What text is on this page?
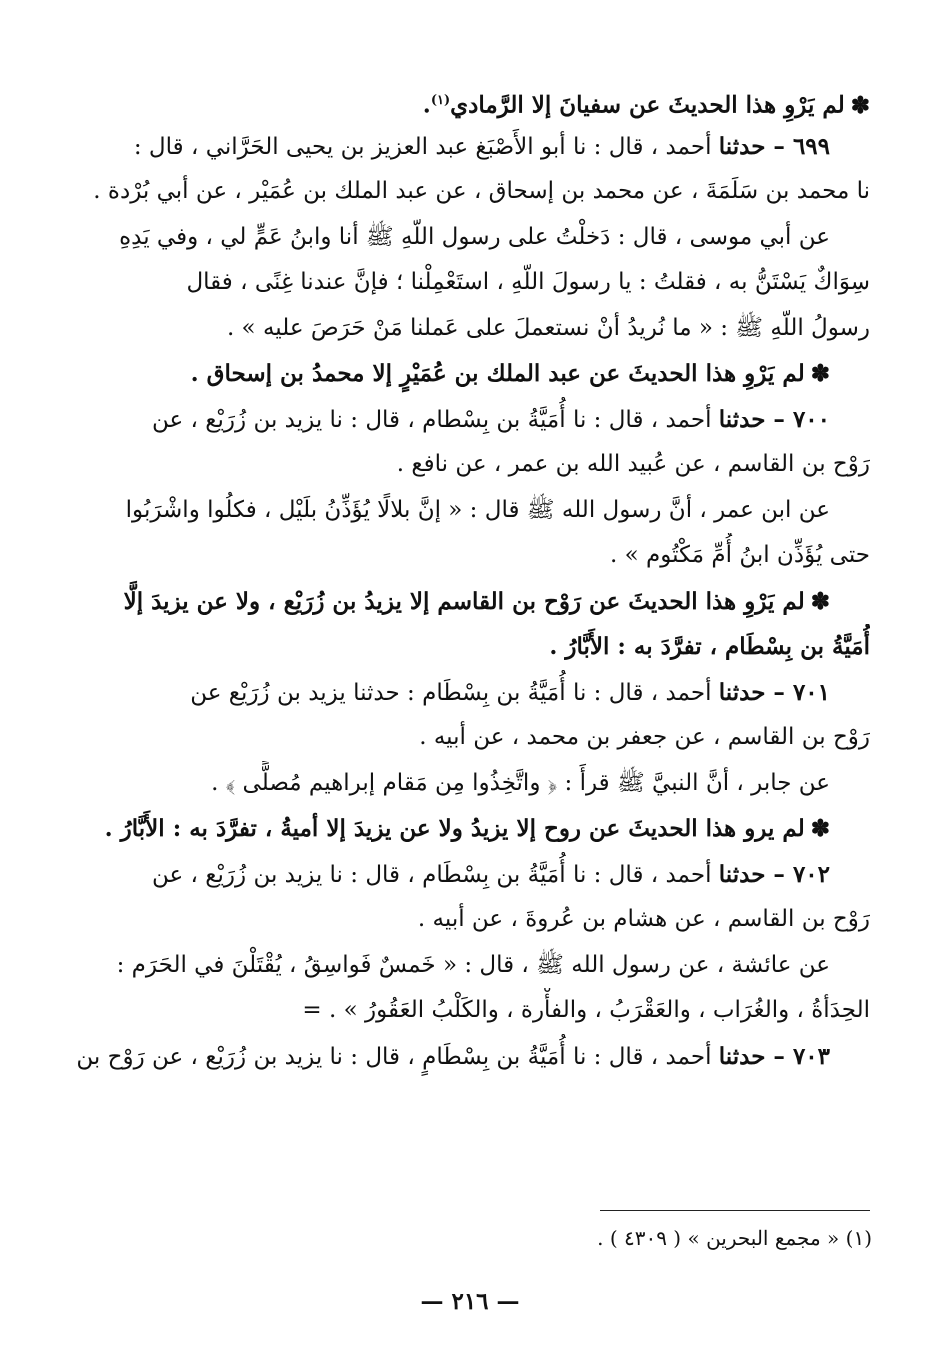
✽لم يَرْوِ هذا الحديثَ عن سفيانَ إلا الرَّمادي$^{(١)}$.
٦٩٩ – حدثنا أحمد ، قال : نا أبو الأَصْبَغ عبد العزيز بن يحيى الحَرَّاني ، قال :
نا محمد بن سَلَمَةَ ، عن محمد بن إسحاق ، عن عبد الملك بن عُمَيْر ، عن أبي بُرْدة .
عن أبي موسى ، قال : دَخلْتُ على رسول اللّهِ ﷺ أنا وابنُ عَمٍّ لي ، وفي يَدِهِ
سِوَاكٌ يَسْتَنُّ به ، فقلتُ : يا رسولَ اللّهِ ، استَعْمِلْنا ؛ فإنَّ عندنا غِنًى ، فقال
رسولُ اللّهِ ﷺ : « ما نُريدُ أنْ نستعملَ على عَملنا مَنْ حَرَصَ عليه » .
✽لم يَرْوِ هذا الحديثَ عن عبد الملك بن عُمَيْرٍ إلا محمدُ بن إسحاق .
٧٠٠ – حدثنا أحمد ، قال : نا أُمَيَّةُ بن بِسْطام ، قال : نا يزيد بن زُرَيْع ، عن
رَوْح بن القاسم ، عن عُبيد الله بن عمر ، عن نافع .
عن ابن عمر ، أنَّ رسول الله ﷺ قال : « إنَّ بلالًا يُؤَذِّنُ بلَيْل ، فكلُوا واشْرَبُوا
حتى يُؤَذِّن ابنُ أُمِّ مَكْتُوم » .
✽لم يَرْوِ هذا الحديثَ عن رَوْح بن القاسم إلا يزيدُ بن زُرَيْع ، ولا عن يزيدَ إلَّا
أُمَيَّةُ بن بِسْطَام ، تفرَّدَ به : الأَبَّارُ .
٧٠١ – حدثنا أحمد ، قال : نا أُمَيَّةُ بن بِسْطَام : حدثنا يزيد بن زُرَيْع عن
رَوْح بن القاسم ، عن جعفر بن محمد ، عن أبيه .
عن جابر ، أنَّ النبيَّ ﷺ قرأَ : ﴿ واتَّخِذُوا مِن مَقام إبراهيم مُصلًّى ﴾ .
✽لم يرو هذا الحديثَ عن روح إلا يزيدُ ولا عن يزيدَ إلا أميةُ ، تفرَّدَ به : الأَبَّارُ .
٧٠٢ – حدثنا أحمد ، قال : نا أُمَيَّةُ بن بِسْطَام ، قال : نا يزيد بن زُرَيْع ، عن
رَوْح بن القاسم ، عن هشام بن عُروةَ ، عن أبيه .
عن عائشة ، عن رسول الله ﷺ ، قال : « خَمسٌ فَواسِقُ ، يُقْتَلْنَ في الحَرَم :
الحِدَأةُ ، والغُرَاب ، والعَقْرَبُ ، والفأْرة ، والكَلْبُ العَقُورُ » . =
٧٠٣ – حدثنا أحمد ، قال : نا أُمَيَّةُ بن بِسْطَامٍ ، قال : نا يزيد بن زُرَيْع ، عن رَوْح بن
(١) « مجمع البحرين » ( ٤٣٠٩ ) .
— ٢١٦ —
